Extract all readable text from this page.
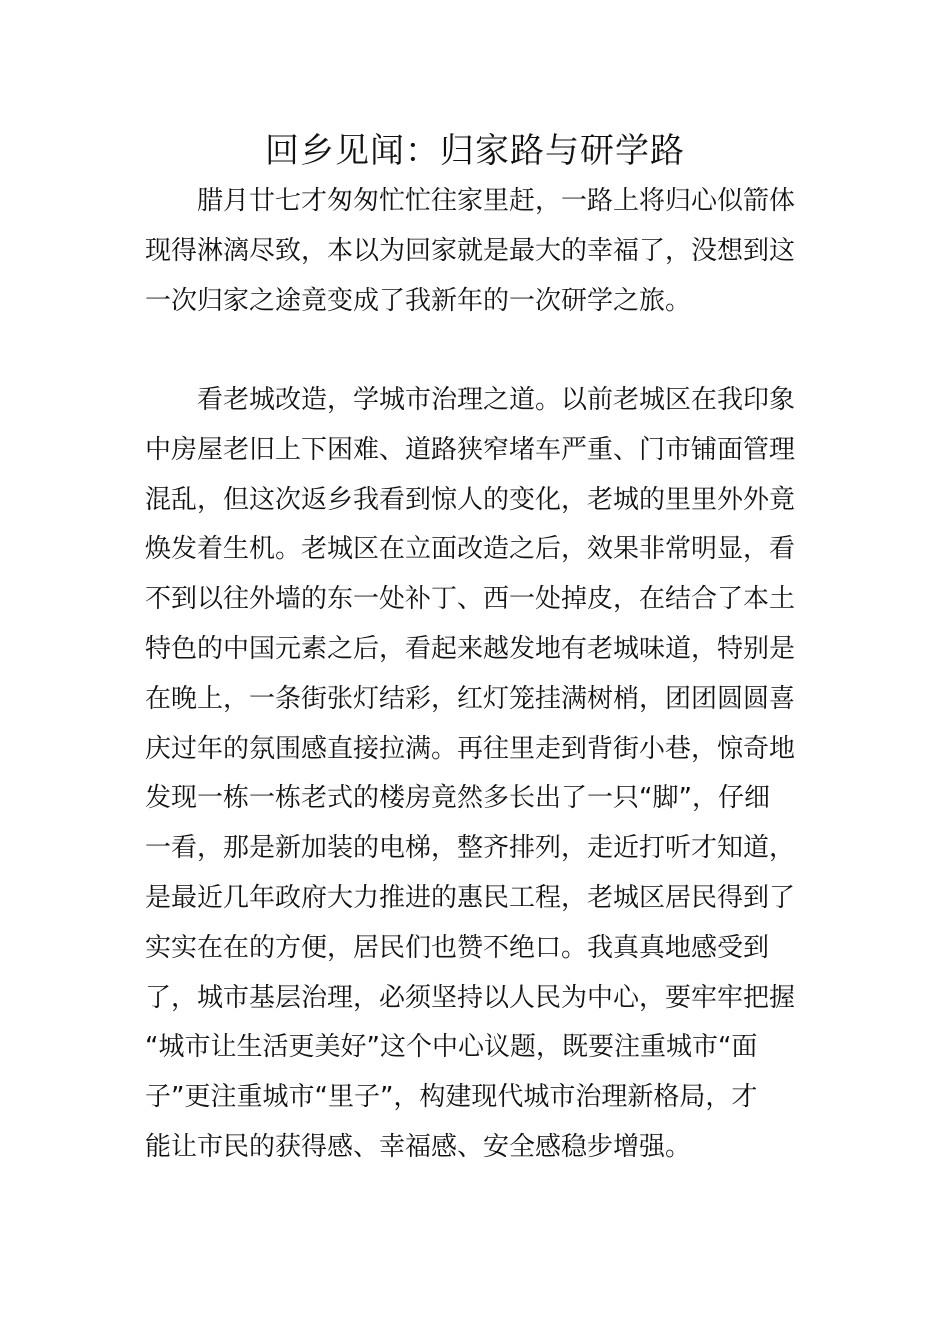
回乡见闻：归家路与研学路
腊月廿七才匆匆忙忙往家里赶，一路上将归心似箭体
现得淋漓尽致，本以为回家就是最大的幸福了，没想到这
一次归家之途竟变成了我新年的一次研学之旅。
看老城改造，学城市治理之道。以前老城区在我印象
中房屋老旧上下困难、道路狭窄堵车严重、门市铺面管理
混乱，但这次返乡我看到惊人的变化，老城的里里外外竟
焕发着生机。老城区在立面改造之后，效果非常明显，看
不到以往外墙的东一处补丁、西一处掉皮，在结合了本土
特色的中国元素之后，看起来越发地有老城味道，特别是
在晚上，一条街张灯结彩，红灯笼挂满树梢，团团圆圆喜
庆过年的氛围感直接拉满。再往里走到背街小巷，惊奇地
发现一栋一栋老式的楼房竟然多长出了一只“脚”，仔细
一看，那是新加装的电梯，整齐排列，走近打听才知道，
是最近几年政府大力推进的惠民工程，老城区居民得到了
实实在在的方便，居民们也赞不绝口。我真真地感受到
了，城市基层治理，必须坚持以人民为中心，要牢牢把握
“城市让生活更美好”这个中心议题，既要注重城市“面
子”更注重城市“里子”，构建现代城市治理新格局，才
能让市民的获得感、幸福感、安全感稳步增强。
